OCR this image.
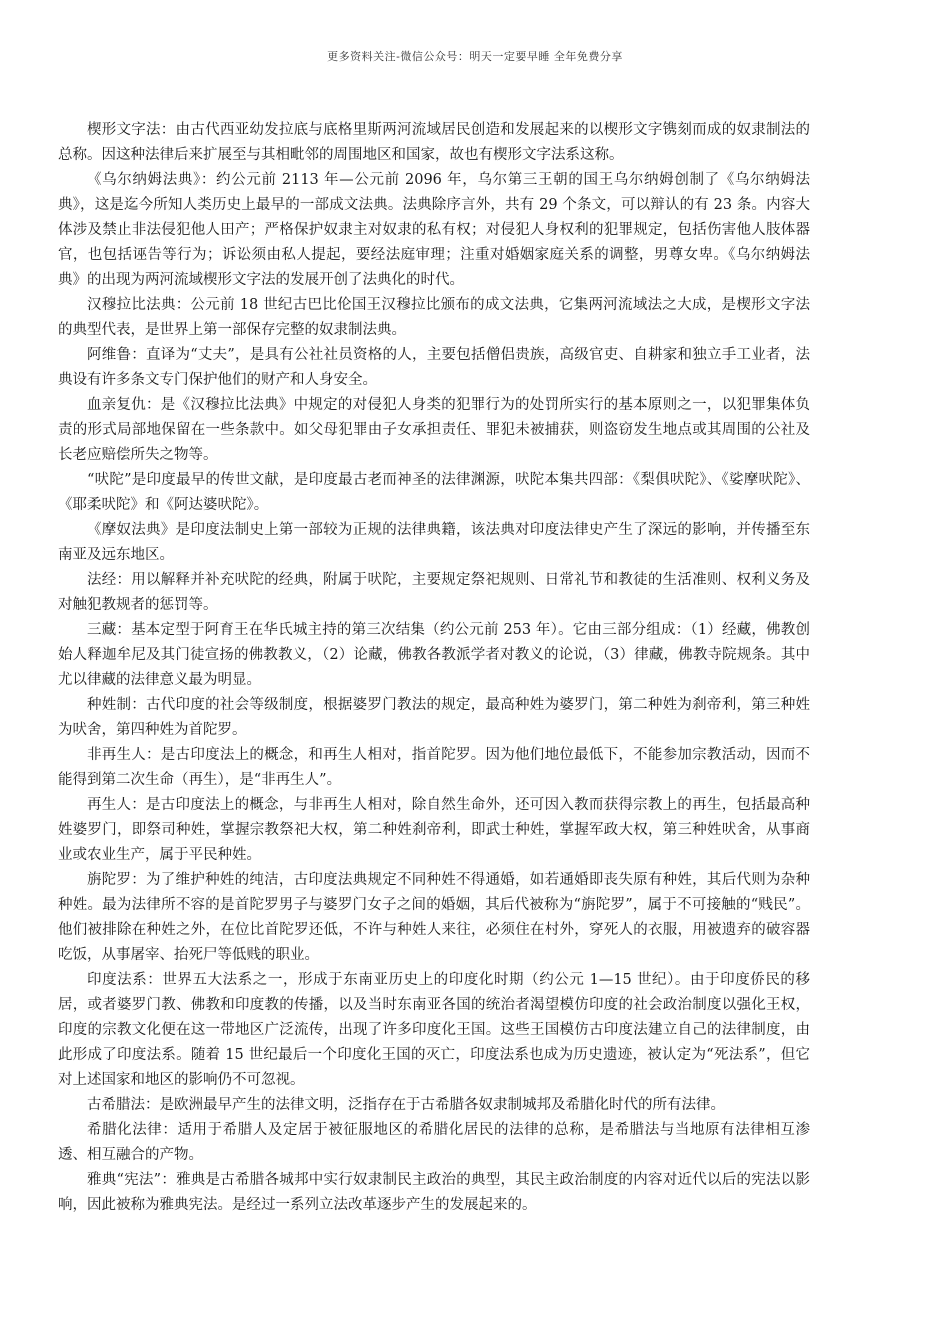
更多资料关注-微信公众号：明天一定要早睡 全年免费分享

楔形文字法：由古代西亚幼发拉底与底格里斯两河流域居民创造和发展起来的以楔形文字镌刻而成的奴隶制法的总称。因这种法律后来扩展至与其相毗邻的周围地区和国家，故也有楔形文字法系这称。

《乌尔纳姆法典》：约公元前 2113 年—公元前 2096 年，乌尔第三王朝的国王乌尔纳姆创制了《乌尔纳姆法典》，这是迄今所知人类历史上最早的一部成文法典。法典除序言外，共有 29 个条文，可以辩认的有 23 条。内容大体涉及禁止非法侵犯他人田产；严格保护奴隶主对奴隶的私有权；对侵犯人身权利的犯罪规定，包括伤害他人肢体器官，也包括诬告等行为；诉讼须由私人提起，要经法庭审理；注重对婚姻家庭关系的调整，男尊女卑。《乌尔纳姆法典》的出现为两河流域楔形文字法的发展开创了法典化的时代。

汉穆拉比法典：公元前 18 世纪古巴比伦国王汉穆拉比颁布的成文法典，它集两河流域法之大成，是楔形文字法的典型代表，是世界上第一部保存完整的奴隶制法典。

阿维鲁：直译为“丈夫”，是具有公社社员资格的人，主要包括僧侣贵族，高级官吏、自耕家和独立手工业者，法典设有许多条文专门保护他们的财产和人身安全。

血亲复仇：是《汉穆拉比法典》中规定的对侵犯人身类的犯罪行为的处罚所实行的基本原则之一，以犯罪集体负责的形式局部地保留在一些条款中。如父母犯罪由子女承担责任、罪犯未被捕获，则盗窃发生地点或其周围的公社及长老应赔偿所失之物等。

“吠陀”是印度最早的传世文献，是印度最古老而神圣的法律渊源，吠陀本集共四部：《梨俱吠陀》、《娑摩吠陀》、《耶柔吠陀》和《阿达婆吠陀》。

《摩奴法典》是印度法制史上第一部较为正规的法律典籍，该法典对印度法律史产生了深远的影响，并传播至东南亚及远东地区。

法经：用以解释并补充吠陀的经典，附属于吠陀，主要规定祭祀规则、日常礼节和教徒的生活准则、权利义务及对触犯教规者的惩罚等。

三藏：基本定型于阿育王在华氏城主持的第三次结集（约公元前 253 年）。它由三部分组成：（1）经藏，佛教创始人释迦牟尼及其门徒宣扬的佛教教义，（2）论藏，佛教各教派学者对教义的论说，（3）律藏，佛教寺院规条。其中尤以律藏的法律意义最为明显。

种姓制：古代印度的社会等级制度，根据婆罗门教法的规定，最高种姓为婆罗门，第二种姓为刹帝利，第三种姓为吠舍，第四种姓为首陀罗。

非再生人：是古印度法上的概念，和再生人相对，指首陀罗。因为他们地位最低下，不能参加宗教活动，因而不能得到第二次生命（再生），是“非再生人”。

再生人：是古印度法上的概念，与非再生人相对，除自然生命外，还可因入教而获得宗教上的再生，包括最高种姓婆罗门，即祭司种姓，掌握宗教祭祀大权，第二种姓刹帝利，即武士种姓，掌握军政大权，第三种姓吠舍，从事商业或农业生产，属于平民种姓。

旃陀罗：为了维护种姓的纯洁，古印度法典规定不同种姓不得通婚，如若通婚即丧失原有种姓，其后代则为杂种种姓。最为法律所不容的是首陀罗男子与婆罗门女子之间的婚姻，其后代被称为“旃陀罗”，属于不可接触的“贱民”。他们被排除在种姓之外，在位比首陀罗还低，不许与种姓人来往，必须住在村外，穿死人的衣服，用被遗弃的破容器吃饭，从事屠宰、抬死尸等低贱的职业。

印度法系：世界五大法系之一，形成于东南亚历史上的印度化时期（约公元 1—15 世纪）。由于印度侨民的移居，或者婆罗门教、佛教和印度教的传播，以及当时东南亚各国的统治者渴望模仿印度的社会政治制度以强化王权，印度的宗教文化便在这一带地区广泛流传，出现了许多印度化王国。这些王国模仿古印度法建立自己的法律制度，由此形成了印度法系。随着 15 世纪最后一个印度化王国的灭亡，印度法系也成为历史遗迹，被认定为“死法系”，但它对上述国家和地区的影响仍不可忽视。

古希腊法：是欧洲最早产生的法律文明，泛指存在于古希腊各奴隶制城邦及希腊化时代的所有法律。

希腊化法律：适用于希腊人及定居于被征服地区的希腊化居民的法律的总称，是希腊法与当地原有法律相互渗透、相互融合的产物。

雅典“宪法”：雅典是古希腊各城邦中实行奴隶制民主政治的典型，其民主政治制度的内容对近代以后的宪法以影响，因此被称为雅典宪法。是经过一系列立法改革逐步产生的发展起来的。
